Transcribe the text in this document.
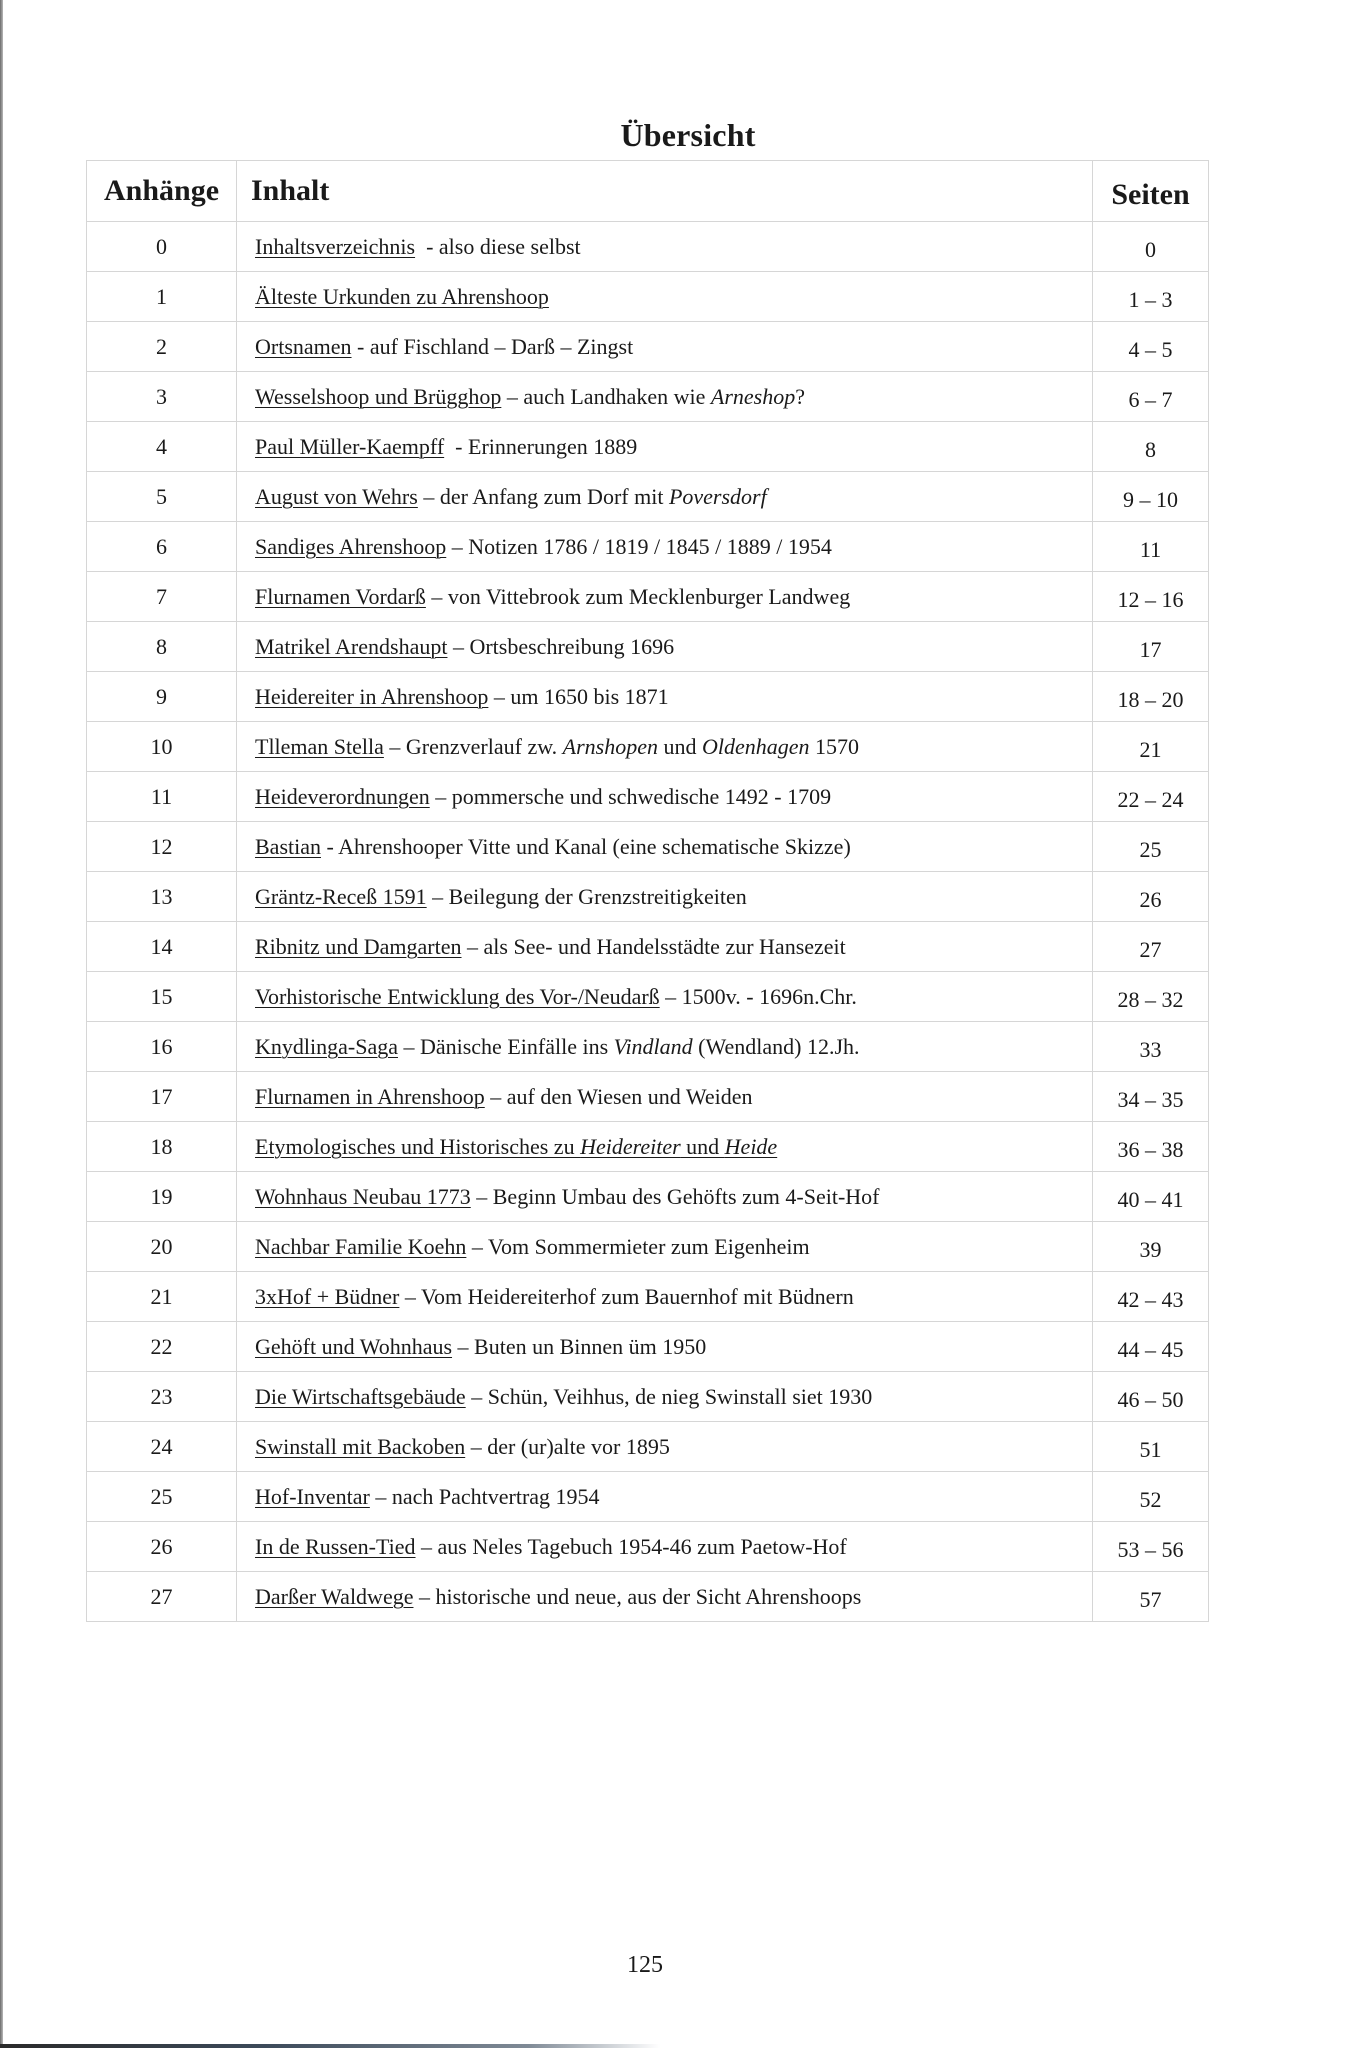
Übersicht
Anhänge	Inhalt	Seiten
0	Inhaltsverzeichnis  - also diese selbst	0
1	Älteste Urkunden zu Ahrenshoop	1 – 3
2	Ortsnamen - auf Fischland – Darß – Zingst	4 – 5
3	Wesselshoop und Brügghop – auch Landhaken wie Arneshop?	6 – 7
4	Paul Müller-Kaempff  - Erinnerungen 1889	8
5	August von Wehrs – der Anfang zum Dorf mit Poversdorf	9 – 10
6	Sandiges Ahrenshoop – Notizen 1786 / 1819 / 1845 / 1889 / 1954	11
7	Flurnamen Vordarß – von Vittebrook zum Mecklenburger Landweg	12 – 16
8	Matrikel Arendshaupt – Ortsbeschreibung 1696	17
9	Heidereiter in Ahrenshoop – um 1650 bis 1871	18 – 20
10	Tlleman Stella – Grenzverlauf zw. Arnshopen und Oldenhagen 1570	21
11	Heideverordnungen – pommersche und schwedische 1492 - 1709	22 – 24
12	Bastian - Ahrenshooper Vitte und Kanal (eine schematische Skizze)	25
13	Gräntz-Receß 1591 – Beilegung der Grenzstreitigkeiten	26
14	Ribnitz und Damgarten – als See- und Handelsstädte zur Hansezeit	27
15	Vorhistorische Entwicklung des Vor-/Neudarß – 1500v. - 1696n.Chr.	28 – 32
16	Knydlinga-Saga – Dänische Einfälle ins Vindland (Wendland) 12.Jh.	33
17	Flurnamen in Ahrenshoop – auf den Wiesen und Weiden	34 – 35
18	Etymologisches und Historisches zu Heidereiter und Heide	36 – 38
19	Wohnhaus Neubau 1773 – Beginn Umbau des Gehöfts zum 4-Seit-Hof	40 – 41
20	Nachbar Familie Koehn – Vom Sommermieter zum Eigenheim	39
21	3xHof + Büdner – Vom Heidereiterhof zum Bauernhof mit Büdnern	42 – 43
22	Gehöft und Wohnhaus – Buten un Binnen üm 1950	44 – 45
23	Die Wirtschaftsgebäude – Schün, Veihhus, de nieg Swinstall siet 1930	46 – 50
24	Swinstall mit Backoben – der (ur)alte vor 1895	51
25	Hof-Inventar – nach Pachtvertrag 1954	52
26	In de Russen-Tied – aus Neles Tagebuch 1954-46 zum Paetow-Hof	53 – 56
27	Darßer Waldwege – historische und neue, aus der Sicht Ahrenshoops	57
125
